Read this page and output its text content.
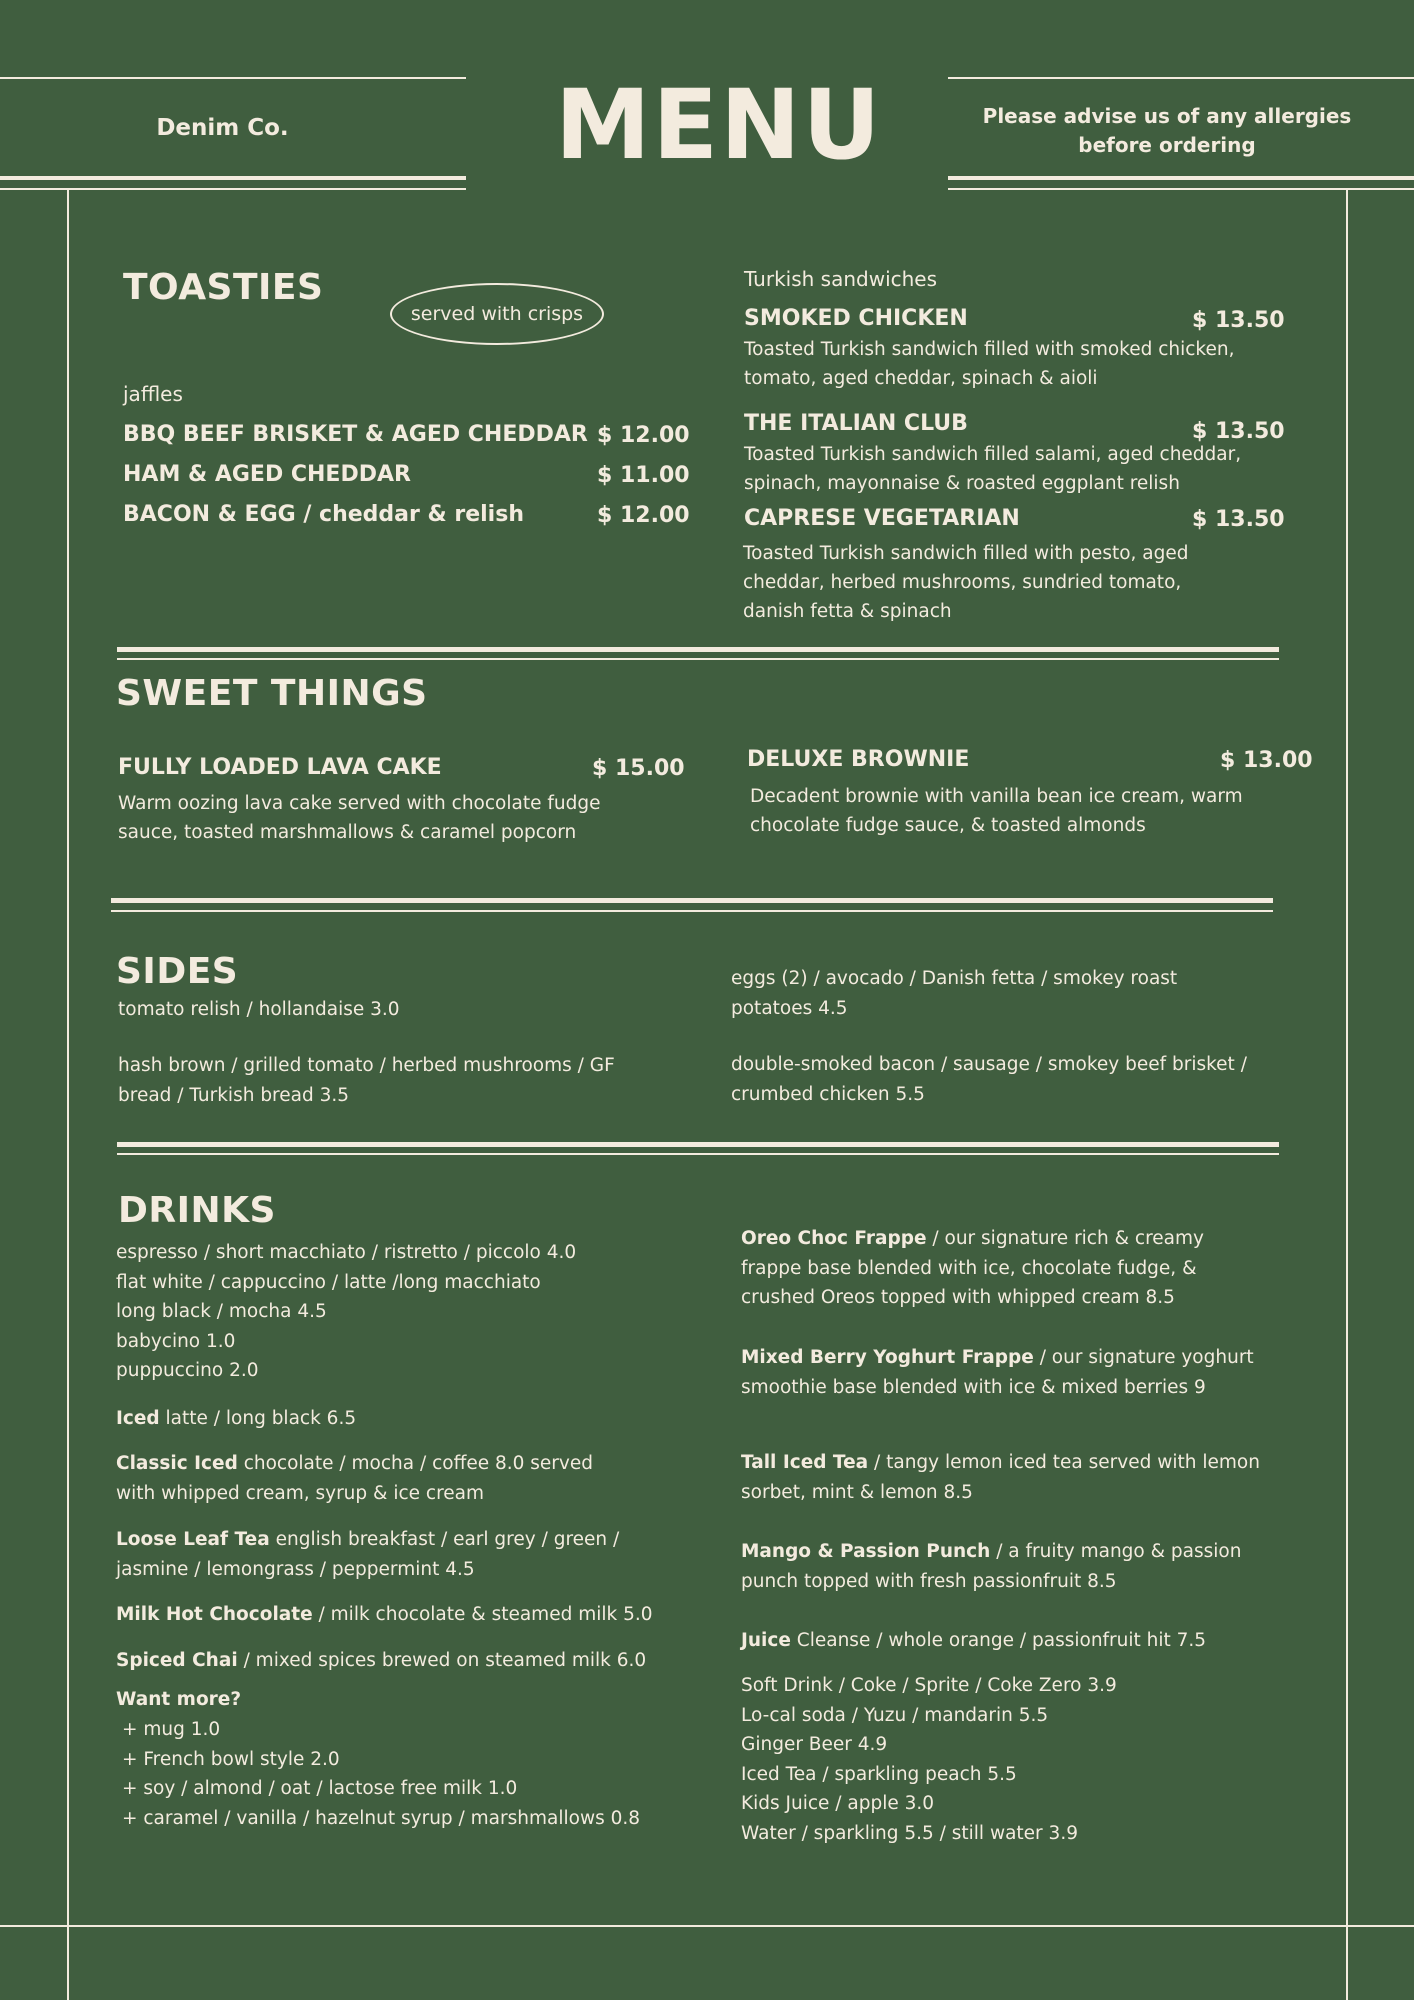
Denim Co.	MENU	Please advise us of any allergies before ordering
TOASTIES
served with crisps
jaffles
BBQ BEEF BRISKET & AGED CHEDDAR $ 12.00
HAM & AGED CHEDDAR	$ 11.00
BACON & EGG / cheddar & relish	$ 12.00
Turkish sandwiches
SMOKED CHICKEN	$ 13.50
Toasted Turkish sandwich filled with smoked chicken, tomato, aged cheddar, spinach & aioli
THE ITALIAN CLUB	$ 13.50
Toasted Turkish sandwich filled salami, aged cheddar, spinach, mayonnaise & roasted eggplant relish
CAPRESE VEGETARIAN	$ 13.50
Toasted Turkish sandwich filled with pesto, aged cheddar, herbed mushrooms, sundried tomato, danish fetta & spinach
SWEET THINGS
FULLY LOADED LAVA CAKE	$ 15.00
Warm oozing lava cake served with chocolate fudge sauce, toasted marshmallows & caramel popcorn
DELUXE BROWNIE	$ 13.00
Decadent brownie with vanilla bean ice cream, warm chocolate fudge sauce, & toasted almonds
SIDES
tomato relish / hollandaise 3.0
hash brown / grilled tomato / herbed mushrooms / GF bread / Turkish bread 3.5
eggs (2) / avocado / Danish fetta / smokey roast potatoes 4.5
double-smoked bacon / sausage / smokey beef brisket / crumbed chicken 5.5
DRINKS
espresso / short macchiato / ristretto / piccolo 4.0
flat white / cappuccino / latte /long macchiato
long black / mocha 4.5
babycino 1.0
puppuccino 2.0
Iced latte / long black 6.5
Classic Iced chocolate / mocha / coffee 8.0 served with whipped cream, syrup & ice cream
Loose Leaf Tea english breakfast / earl grey / green / jasmine / lemongrass / peppermint 4.5
Milk Hot Chocolate / milk chocolate & steamed milk 5.0
Spiced Chai / mixed spices brewed on steamed milk 6.0
Want more?
+ mug 1.0
+ French bowl style 2.0
+ soy / almond / oat / lactose free milk 1.0
+ caramel / vanilla / hazelnut syrup / marshmallows 0.8
Oreo Choc Frappe / our signature rich & creamy frappe base blended with ice, chocolate fudge, & crushed Oreos topped with whipped cream 8.5
Mixed Berry Yoghurt Frappe / our signature yoghurt smoothie base blended with ice & mixed berries 9
Tall Iced Tea / tangy lemon iced tea served with lemon sorbet, mint & lemon 8.5
Mango & Passion Punch / a fruity mango & passion punch topped with fresh passionfruit 8.5
Juice Cleanse / whole orange / passionfruit hit 7.5
Soft Drink / Coke / Sprite / Coke Zero 3.9
Lo-cal soda / Yuzu / mandarin 5.5
Ginger Beer 4.9
Iced Tea / sparkling peach 5.5
Kids Juice / apple 3.0
Water / sparkling 5.5 / still water 3.9
